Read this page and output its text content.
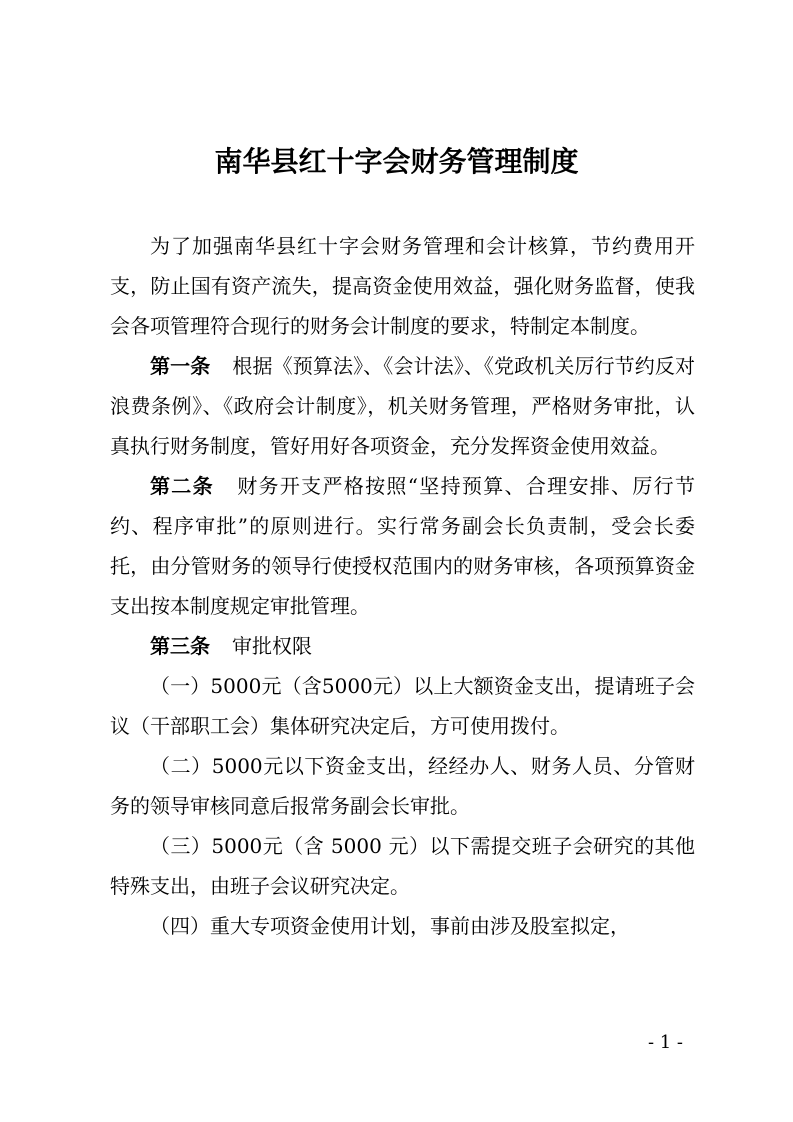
南华县红十字会财务管理制度

为了加强南华县红十字会财务管理和会计核算，节约费用开支，防止国有资产流失，提高资金使用效益，强化财务监督，使我会各项管理符合现行的财务会计制度的要求，特制定本制度。

第一条 根据《预算法》、《会计法》、《党政机关厉行节约反对浪费条例》、《政府会计制度》，机关财务管理，严格财务审批，认真执行财务制度，管好用好各项资金，充分发挥资金使用效益。

第二条 财务开支严格按照“坚持预算、合理安排、厉行节约、程序审批”的原则进行。实行常务副会长负责制，受会长委托，由分管财务的领导行使授权范围内的财务审核，各项预算资金支出按本制度规定审批管理。

第三条 审批权限

（一）5000元（含5000元）以上大额资金支出，提请班子会议（干部职工会）集体研究决定后，方可使用拨付。

（二）5000元以下资金支出，经经办人、财务人员、分管财务的领导审核同意后报常务副会长审批。

（三）5000元（含 5000 元）以下需提交班子会研究的其他特殊支出，由班子会议研究决定。

（四）重大专项资金使用计划，事前由涉及股室拟定，

- 1 -
